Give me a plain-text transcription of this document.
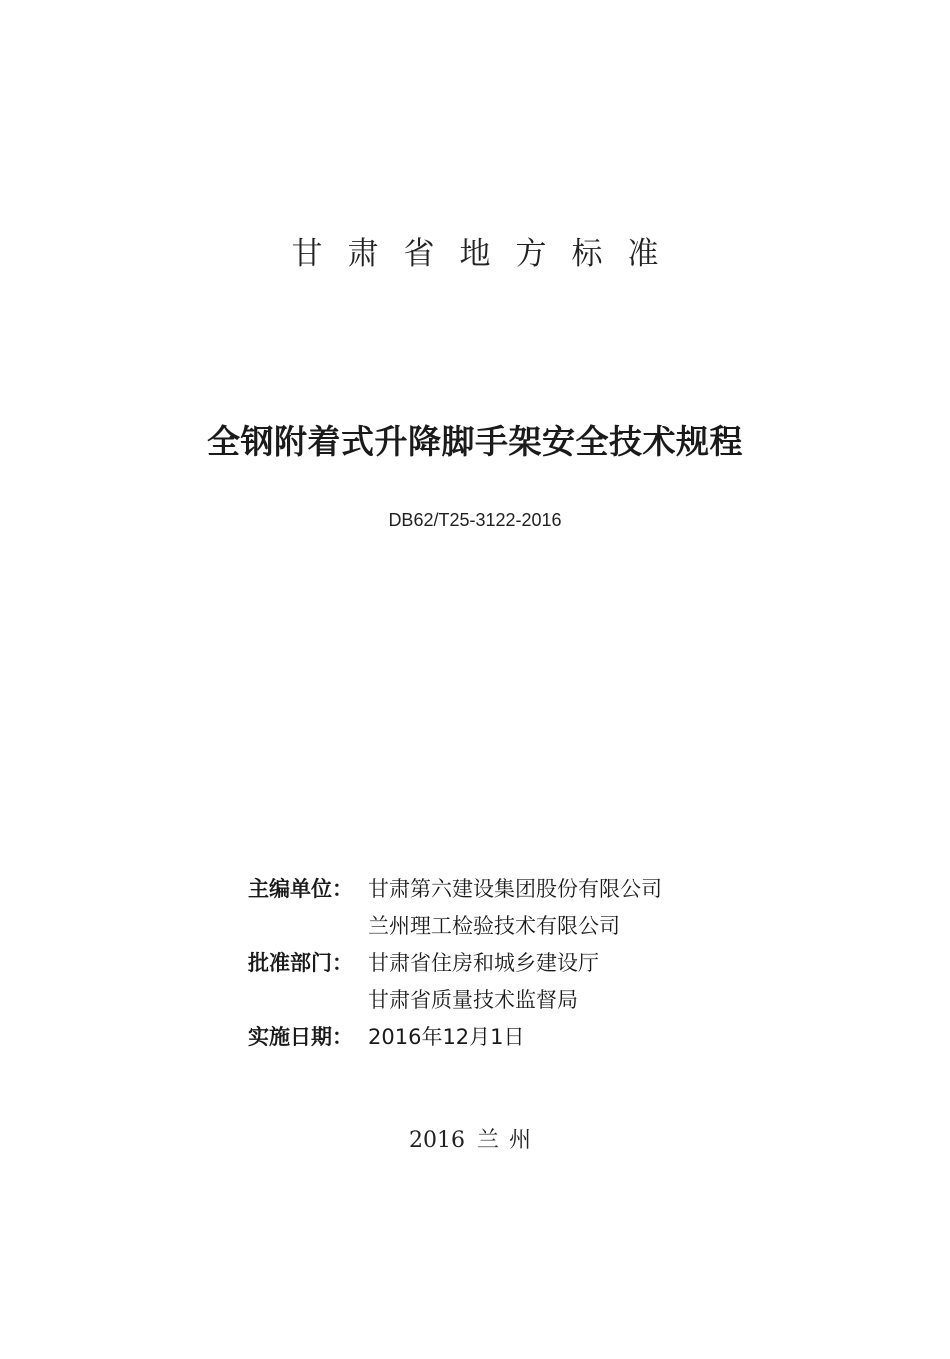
甘肃省地方标准
全钢附着式升降脚手架安全技术规程
DB62/T25-3122-2016
主编单位： 甘肃第六建设集团股份有限公司
兰州理工检验技术有限公司
批准部门： 甘肃省住房和城乡建设厅
甘肃省质量技术监督局
实施日期： 2016年12月1日
2016 兰州
